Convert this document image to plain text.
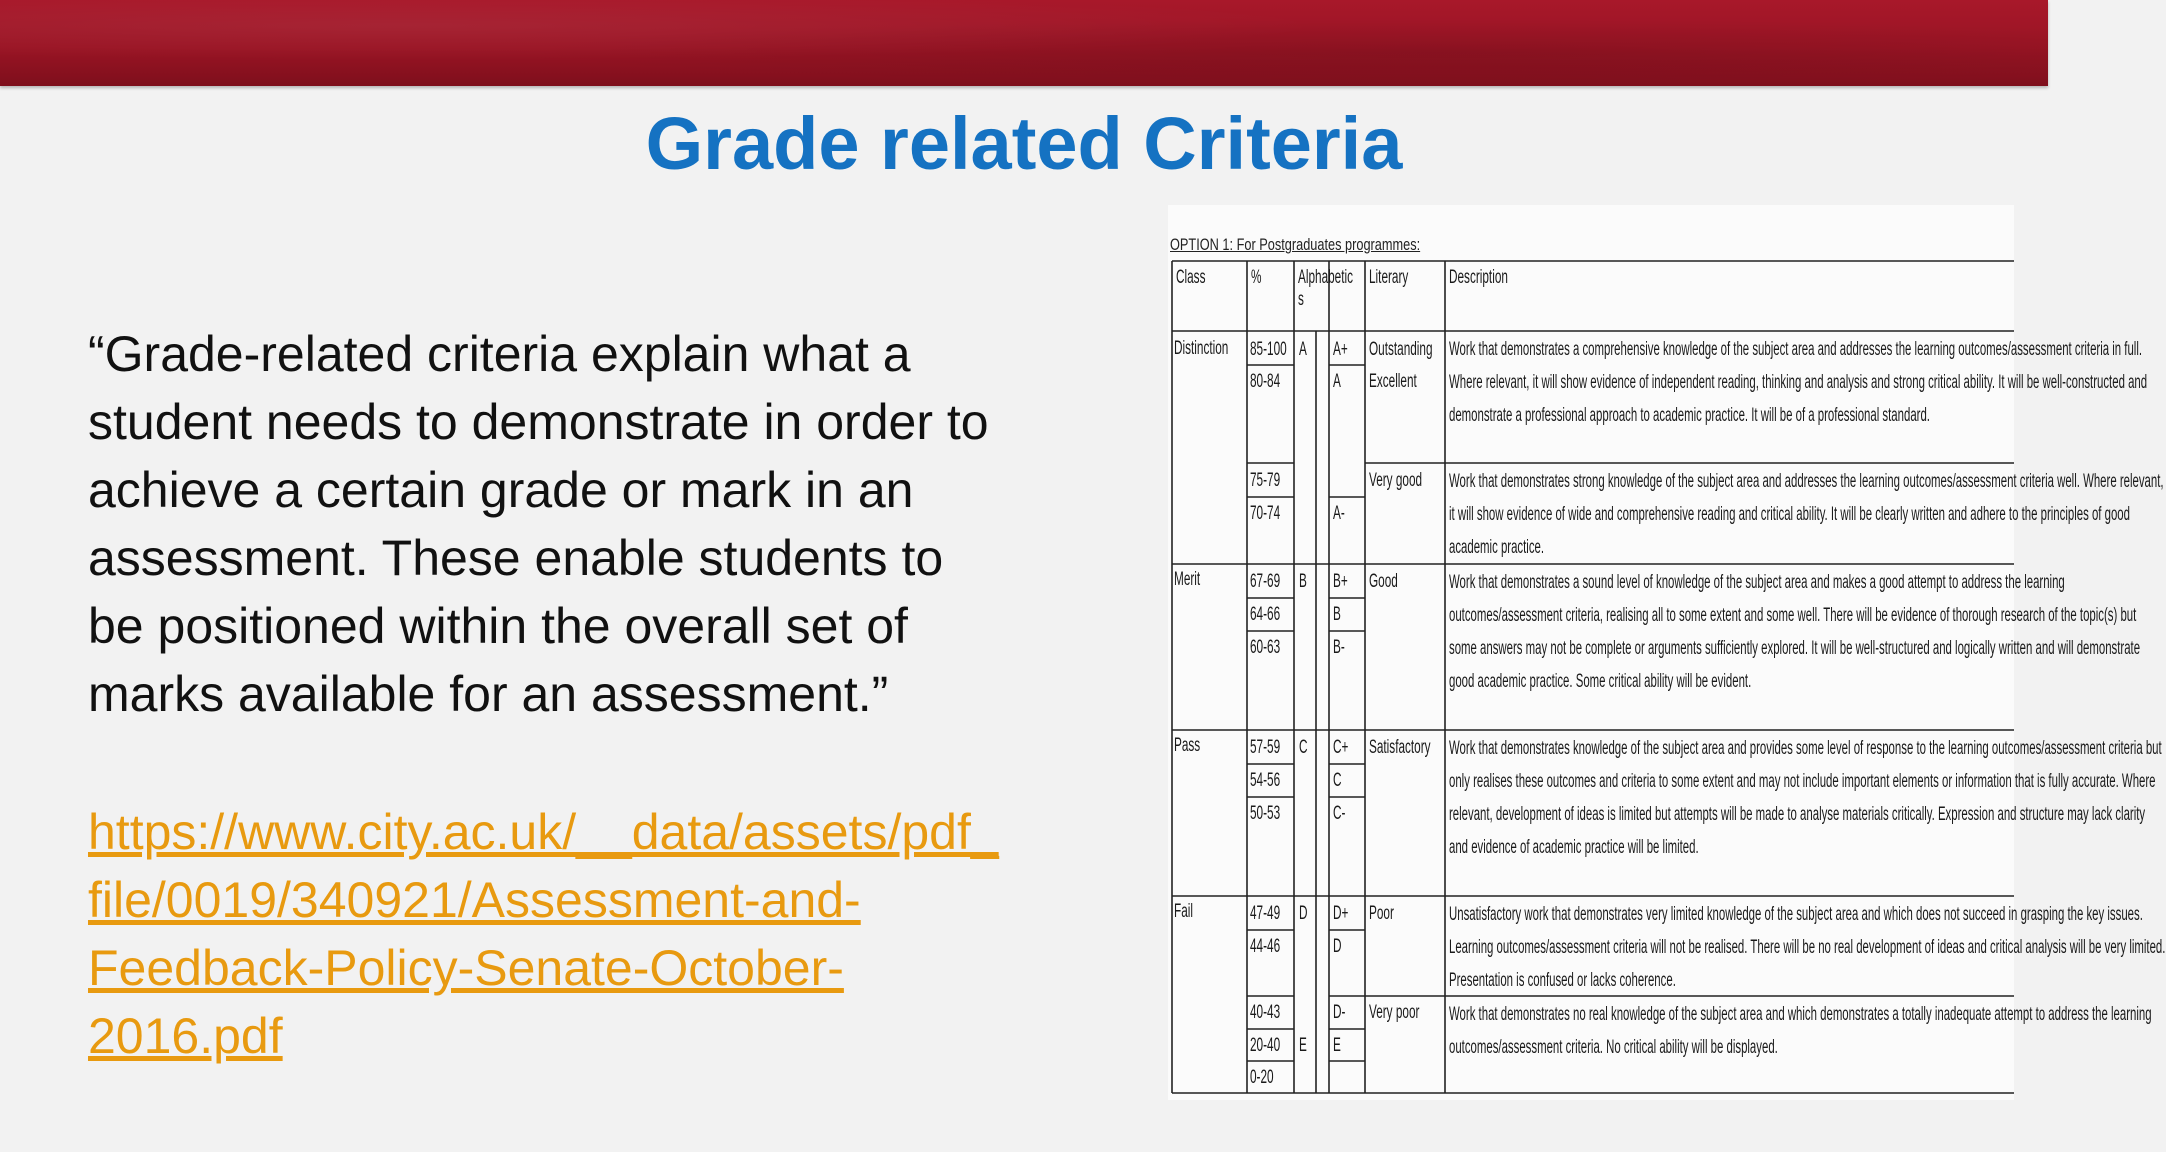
Grade related Criteria
“Grade-related criteria explain what a
student needs to demonstrate in order to
achieve a certain grade or mark in an
assessment. These enable students to
be positioned within the overall set of
marks available for an assessment.”
https://www.city.ac.uk/__data/assets/pdf_
file/0019/340921/Assessment-and-
Feedback-Policy-Senate-October-
2016.pdf
OPTION 1: For Postgraduates programmes:
Class % Alphabetic s
Literary Description
Distinction
Merit
Pass
Fail
85-100
80-84
75-79
70-74
67-69
64-66
60-63
57-59
54-56
50-53
47-49
44-46
40-43
20-40
0-20
A
B
C
D
E
A+
A
A-
B+
B
B-
C+
C
C-
D+
D
D-
E
Outstanding
Excellent
Very good
Good
Satisfactory
Poor
Very poor
Work that demonstrates a comprehensive knowledge of the subject area and addresses the learning outcomes/assessment criteria in full. Where relevant, it will show evidence of independent reading, thinking and analysis and strong critical ability. It will be well-constructed and demonstrate a professional approach to academic practice. It will be of a professional standard.
Work that demonstrates strong knowledge of the subject area and addresses the learning outcomes/assessment criteria well. Where relevant, it will show evidence of wide and comprehensive reading and critical ability. It will be clearly written and adhere to the principles of good academic practice.
Work that demonstrates a sound level of knowledge of the subject area and makes a good attempt to address the learning outcomes/assessment criteria, realising all to some extent and some well. There will be evidence of thorough research of the topic(s) but some answers may not be complete or arguments sufficiently explored. It will be well-structured and logically written and will demonstrate good academic practice. Some critical ability will be evident.
Work that demonstrates knowledge of the subject area and provides some level of response to the learning outcomes/assessment criteria but only realises these outcomes and criteria to some extent and may not include important elements or information that is fully accurate. Where relevant, development of ideas is limited but attempts will be made to analyse materials critically. Expression and structure may lack clarity and evidence of academic practice will be limited.
Unsatisfactory work that demonstrates very limited knowledge of the subject area and which does not succeed in grasping the key issues. Learning outcomes/assessment criteria will not be realised. There will be no real development of ideas and critical analysis will be very limited. Presentation is confused or lacks coherence.
Work that demonstrates no real knowledge of the subject area and which demonstrates a totally inadequate attempt to address the learning outcomes/assessment criteria. No critical ability will be displayed.
